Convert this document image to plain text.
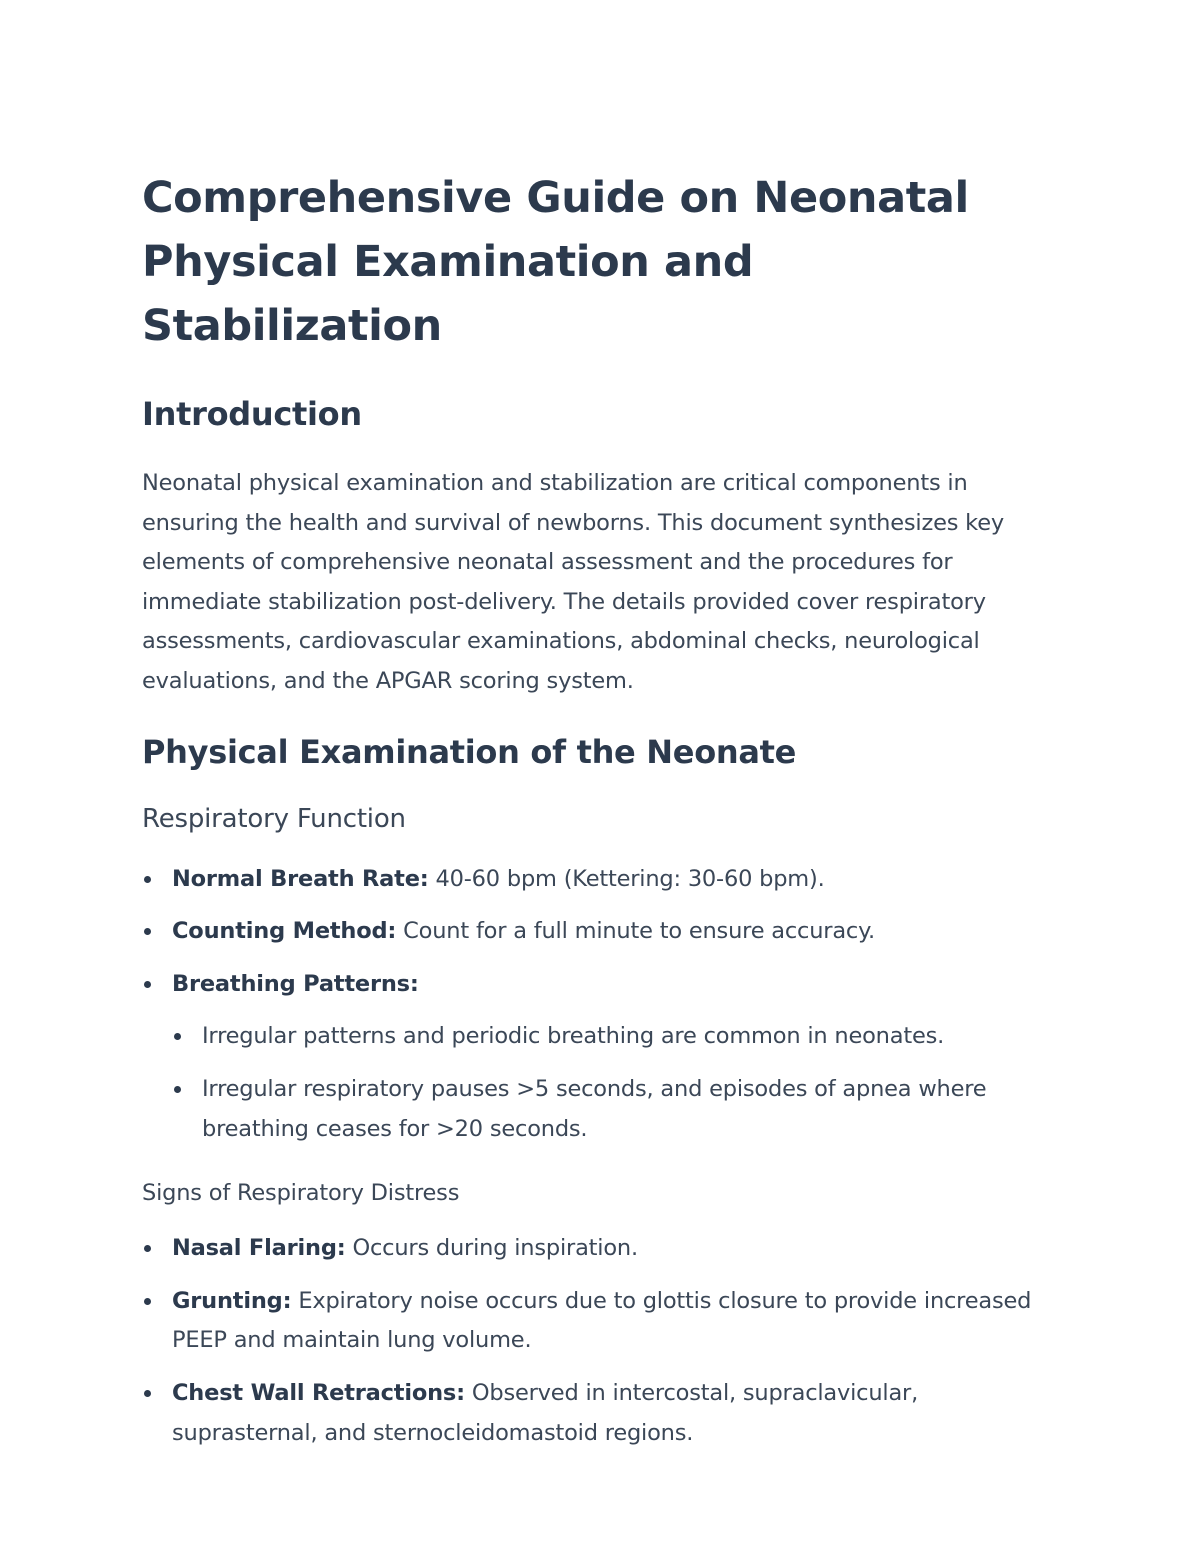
Comprehensive Guide on Neonatal
Physical Examination and Stabilization
Introduction

Neonatal physical examination and stabilization are critical components in ensuring the health and survival of newborns. This document synthesizes key elements of comprehensive neonatal assessment and the procedures for immediate stabilization post-delivery. The details provided cover respiratory assessments, cardiovascular examinations, abdominal checks, neurological evaluations, and the APGAR scoring system.

Physical Examination of the Neonate
Respiratory Function
Normal Breath Rate: 40-60 bpm (Kettering: 30-60 bpm).
Counting Method: Count for a full minute to ensure accuracy.
Breathing Patterns:
Irregular patterns and periodic breathing are common in neonates.
Irregular respiratory pauses >5 seconds, and episodes of apnea where breathing ceases for >20 seconds.
Signs of Respiratory Distress
Nasal Flaring: Occurs during inspiration.
Grunting: Expiratory noise occurs due to glottis closure to provide increased PEEP and maintain lung volume.
Chest Wall Retractions: Observed in intercostal, supraclavicular, suprasternal, and sternocleidomastoid regions.
